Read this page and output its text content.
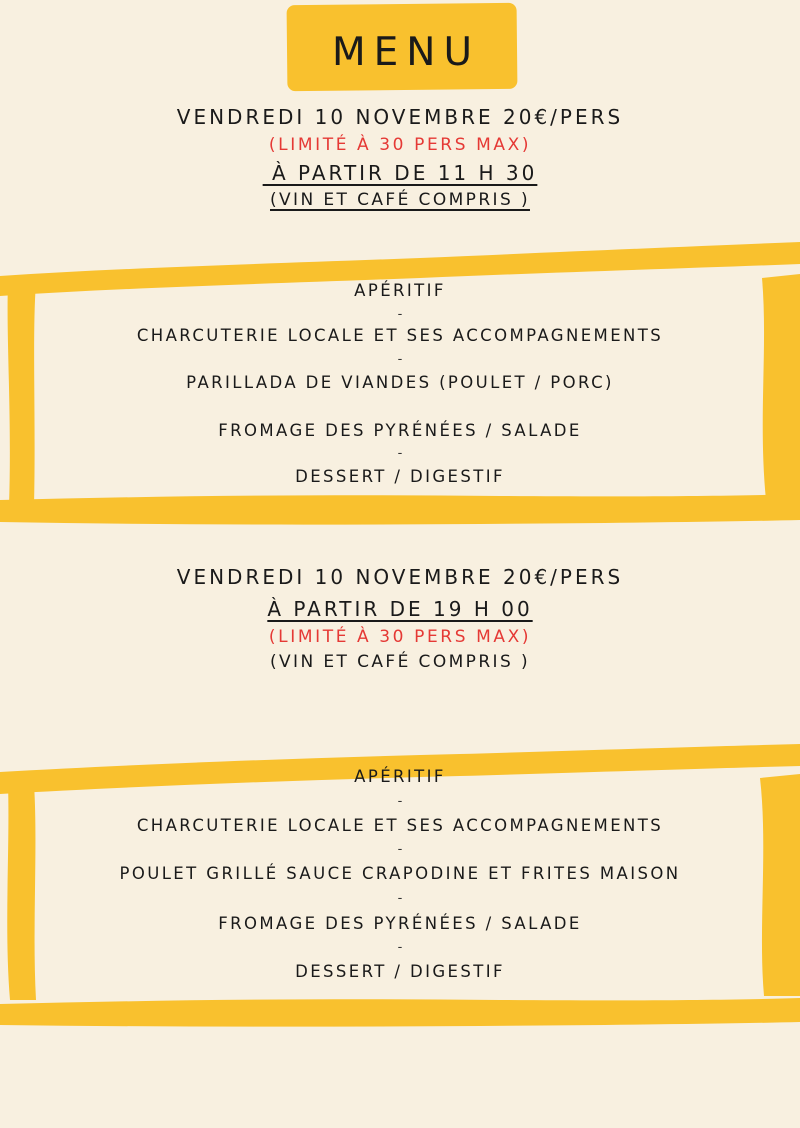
MENU
VENDREDI 10 NOVEMBRE 20€/PERS
(LIMITÉ À 30 PERS MAX)
À PARTIR DE 11 H 30
(VIN ET CAFÉ COMPRIS )
APÉRITIF
-
CHARCUTERIE LOCALE ET SES ACCOMPAGNEMENTS
-
PARILLADA DE VIANDES (POULET / PORC)
FROMAGE DES PYRÉNÉES / SALADE
-
DESSERT / DIGESTIF
VENDREDI 10 NOVEMBRE 20€/PERS
À PARTIR DE 19 H 00
(LIMITÉ À 30 PERS MAX)
(VIN ET CAFÉ COMPRIS )
APÉRITIF
-
CHARCUTERIE LOCALE ET SES ACCOMPAGNEMENTS
-
POULET GRILLÉ SAUCE CRAPODINE ET FRITES MAISON
-
FROMAGE DES PYRÉNÉES / SALADE
-
DESSERT / DIGESTIF
